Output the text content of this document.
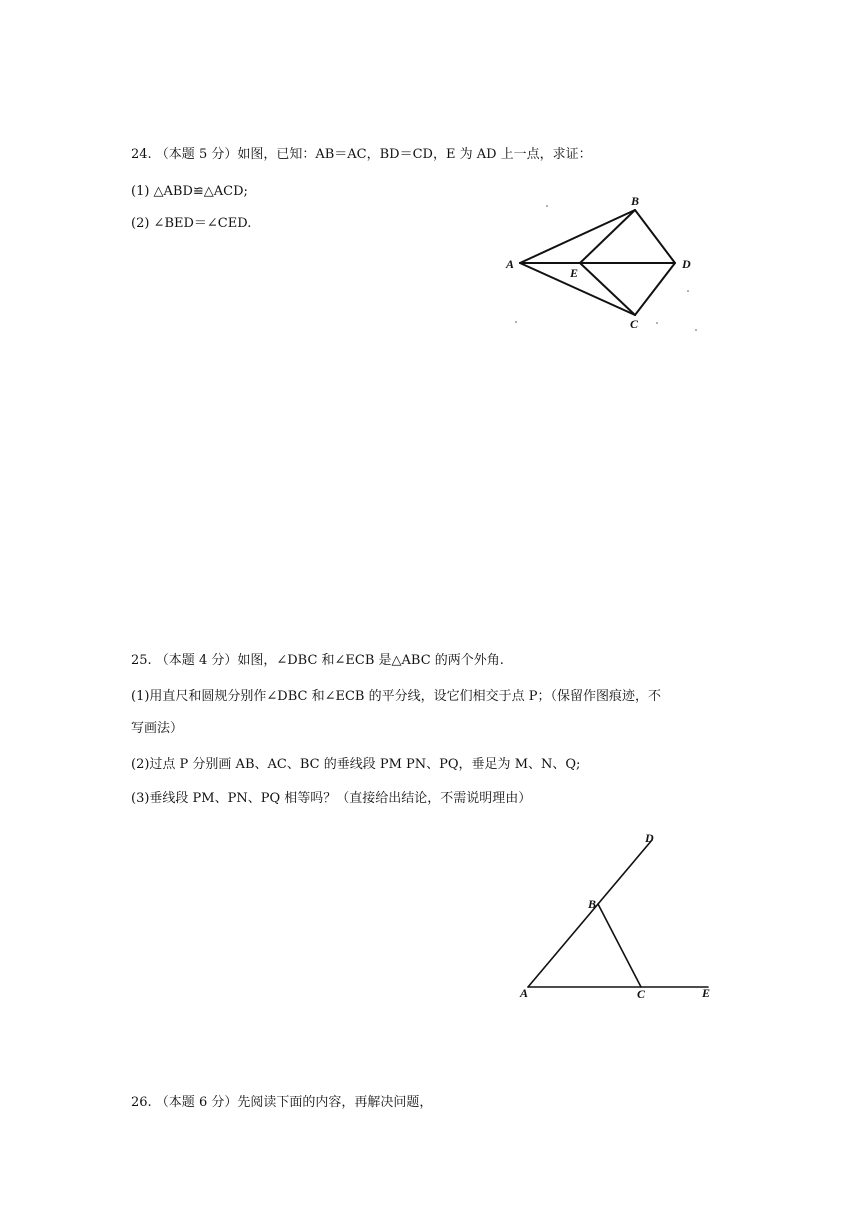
24. （本题 5 分）如图，已知：AB＝AC，BD＝CD，E 为 AD 上一点，求证：
(1) △ABD≌△ACD;
(2) ∠BED＝∠CED.
A
B
C
D
E
25. （本题 4 分）如图，∠DBC 和∠ECB 是△ABC 的两个外角.
(1)用直尺和圆规分别作∠DBC 和∠ECB 的平分线，设它们相交于点 P；（保留作图痕迹，不
写画法）
(2)过点 P 分别画 AB、AC、BC 的垂线段 PM PN、PQ，垂足为 M、N、Q;
(3)垂线段 PM、PN、PQ 相等吗？（直接给出结论，不需说明理由）
A
B
C
D
E
26. （本题 6 分）先阅读下面的内容，再解决问题，
